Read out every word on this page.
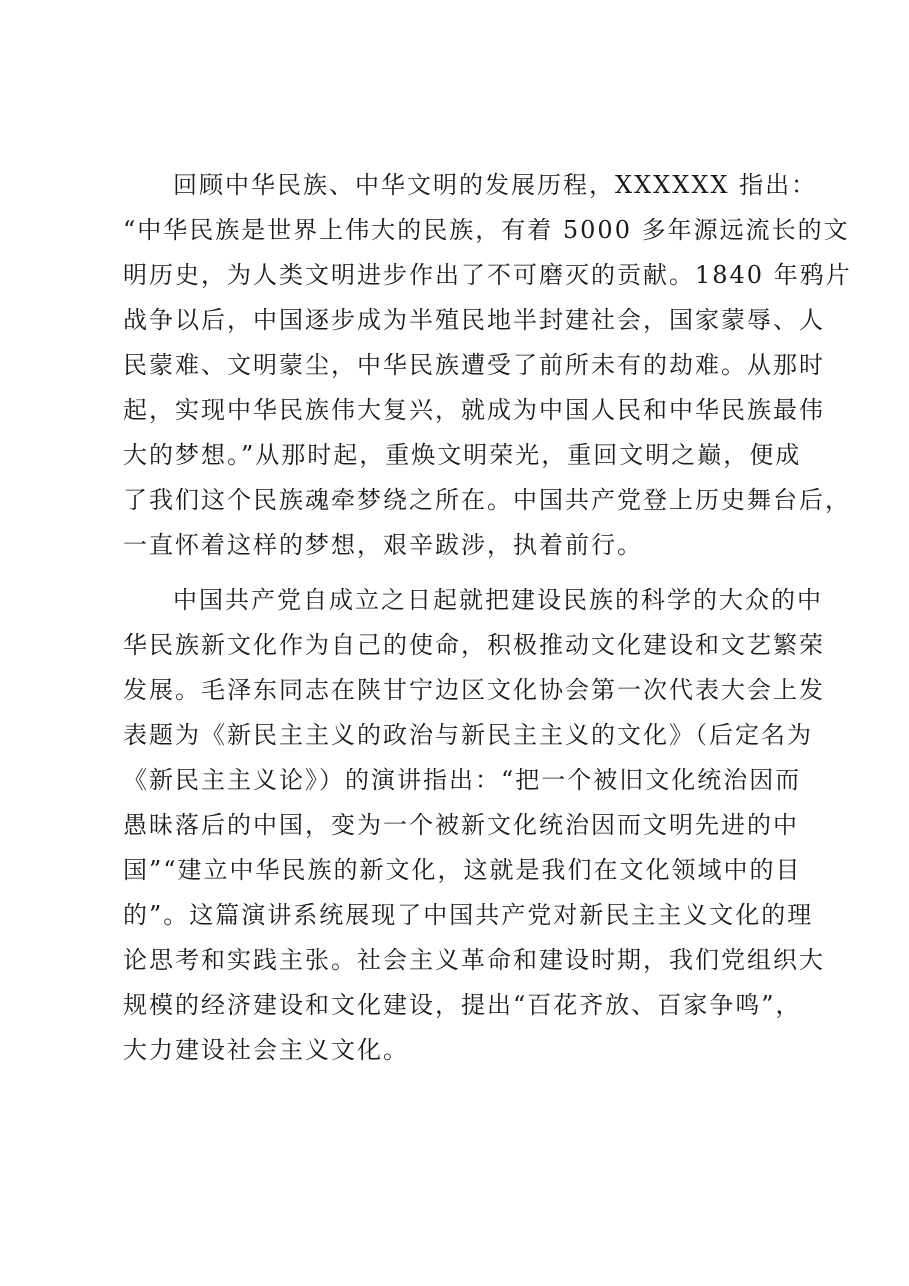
回顾中华民族、中华文明的发展历程，XXXXXX 指出：
“中华民族是世界上伟大的民族，有着 5000 多年源远流长的文
明历史，为人类文明进步作出了不可磨灭的贡献。1840 年鸦片
战争以后，中国逐步成为半殖民地半封建社会，国家蒙辱、人
民蒙难、文明蒙尘，中华民族遭受了前所未有的劫难。从那时
起，实现中华民族伟大复兴，就成为中国人民和中华民族最伟
大的梦想。”从那时起，重焕文明荣光，重回文明之巅，便成
了我们这个民族魂牵梦绕之所在。中国共产党登上历史舞台后，
一直怀着这样的梦想，艰辛跋涉，执着前行。
中国共产党自成立之日起就把建设民族的科学的大众的中
华民族新文化作为自己的使命，积极推动文化建设和文艺繁荣
发展。毛泽东同志在陕甘宁边区文化协会第一次代表大会上发
表题为《新民主主义的政治与新民主主义的文化》（后定名为
《新民主主义论》）的演讲指出：“把一个被旧文化统治因而
愚昧落后的中国，变为一个被新文化统治因而文明先进的中
国”“建立中华民族的新文化，这就是我们在文化领域中的目
的”。这篇演讲系统展现了中国共产党对新民主主义文化的理
论思考和实践主张。社会主义革命和建设时期，我们党组织大
规模的经济建设和文化建设，提出“百花齐放、百家争鸣”，
大力建设社会主义文化。
